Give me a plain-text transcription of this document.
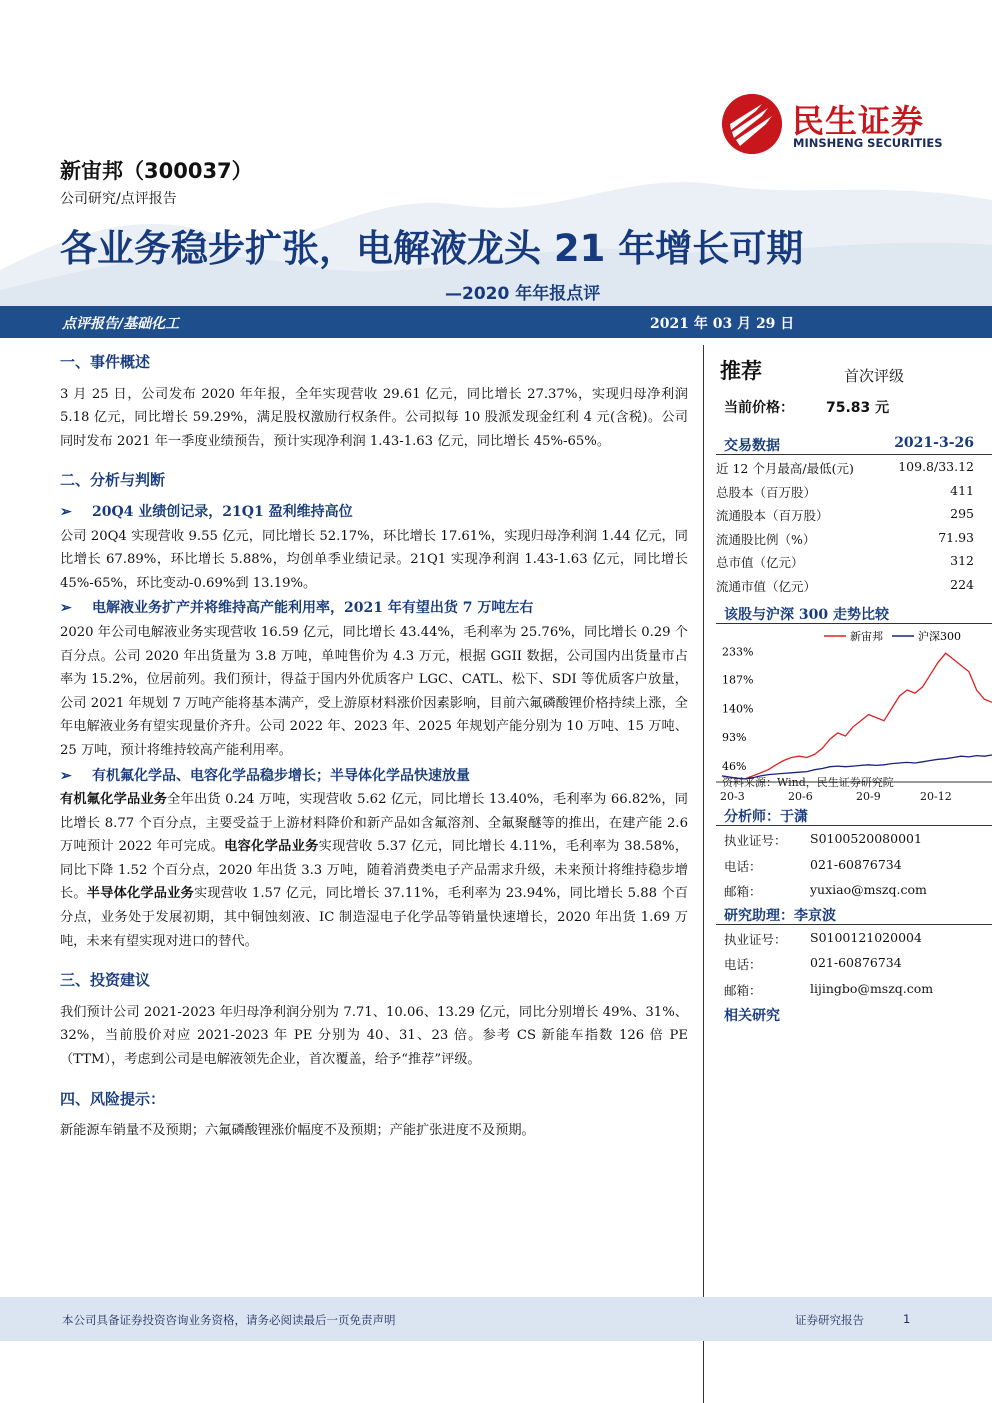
民生证券
MINSHENG SECURITIES
新宙邦（300037）
公司研究/点评报告
各业务稳步扩张，电解液龙头 21 年增长可期
—2020 年年报点评
点评报告/基础化工	2021 年 03 月 29 日
一、事件概述
3 月 25 日，公司发布 2020 年年报，全年实现营收 29.61 亿元，同比增长 27.37%，实现归母净利润 5.18 亿元，同比增长 59.29%，满足股权激励行权条件。公司拟每 10 股派发现金红利 4 元(含税)。公司同时发布 2021 年一季度业绩预告，预计实现净利润 1.43-1.63 亿元，同比增长 45%-65%。
二、分析与判断
➢	20Q4 业绩创记录，21Q1 盈利维持高位
公司 20Q4 实现营收 9.55 亿元，同比增长 52.17%，环比增长 17.61%，实现归母净利润 1.44 亿元，同比增长 67.89%，环比增长 5.88%，均创单季业绩记录。21Q1 实现净利润 1.43-1.63 亿元，同比增长 45%-65%，环比变动-0.69%到 13.19%。
➢	电解液业务扩产并将维持高产能利用率，2021 年有望出货 7 万吨左右
2020 年公司电解液业务实现营收 16.59 亿元，同比增长 43.44%，毛利率为 25.76%，同比增长 0.29 个百分点。公司 2020 年出货量为 3.8 万吨，单吨售价为 4.3 万元，根据 GGII 数据，公司国内出货量市占率为 15.2%，位居前列。我们预计，得益于国内外优质客户 LGC、CATL、松下、SDI 等优质客户放量，公司 2021 年规划 7 万吨产能将基本满产，受上游原材料涨价因素影响，目前六氟磷酸锂价格持续上涨，全年电解液业务有望实现量价齐升。公司 2022 年、2023 年、2025 年规划产能分别为 10 万吨、15 万吨、25 万吨，预计将维持较高产能利用率。
➢	有机氟化学品、电容化学品稳步增长；半导体化学品快速放量
有机氟化学品业务全年出货 0.24 万吨，实现营收 5.62 亿元，同比增长 13.40%，毛利率为 66.82%，同比增长 8.77 个百分点，主要受益于上游材料降价和新产品如含氟溶剂、全氟聚醚等的推出，在建产能 2.6 万吨预计 2022 年可完成。电容化学品业务实现营收 5.37 亿元，同比增长 4.11%，毛利率为 38.58%，同比下降 1.52 个百分点，2020 年出货 3.3 万吨，随着消费类电子产品需求升级，未来预计将维持稳步增长。半导体化学品业务实现营收 1.57 亿元，同比增长 37.11%，毛利率为 23.94%，同比增长 5.88 个百分点，业务处于发展初期，其中铜蚀刻液、IC 制造湿电子化学品等销量快速增长，2020 年出货 1.69 万吨，未来有望实现对进口的替代。
三、投资建议
我们预计公司 2021-2023 年归母净利润分别为 7.71、10.06、13.29 亿元，同比分别增长 49%、31%、32%，当前股价对应 2021-2023 年 PE 分别为 40、31、23 倍。参考 CS 新能车指数 126 倍 PE（TTM），考虑到公司是电解液领先企业，首次覆盖，给予“推荐”评级。
四、风险提示：
新能源车销量不及预期；六氟磷酸锂涨价幅度不及预期；产能扩张进度不及预期。
推荐	首次评级
当前价格： 75.83 元
交易数据	2021-3-26
近 12 个月最高/最低(元)	109.8/33.12
总股本（百万股）	411
流通股本（百万股）	295
流通股比例（%）	71.93
总市值（亿元）	312
流通市值（亿元）	224
该股与沪深 300 走势比较
新宙邦	沪深300
233%
187%
140%
93%
46%
资料来源：Wind，民生证券研究院
20-3	20-6	20-9	20-12
分析师：于潇
执业证号： S0100520080001
电话：	021-60876734
邮箱：	yuxiao@mszq.com
研究助理：李京波
执业证号： S0100121020004
电话：	021-60876734
邮箱：	lijingbo@mszq.com
相关研究
本公司具备证券投资咨询业务资格，请务必阅读最后一页免责声明	证券研究报告	1
